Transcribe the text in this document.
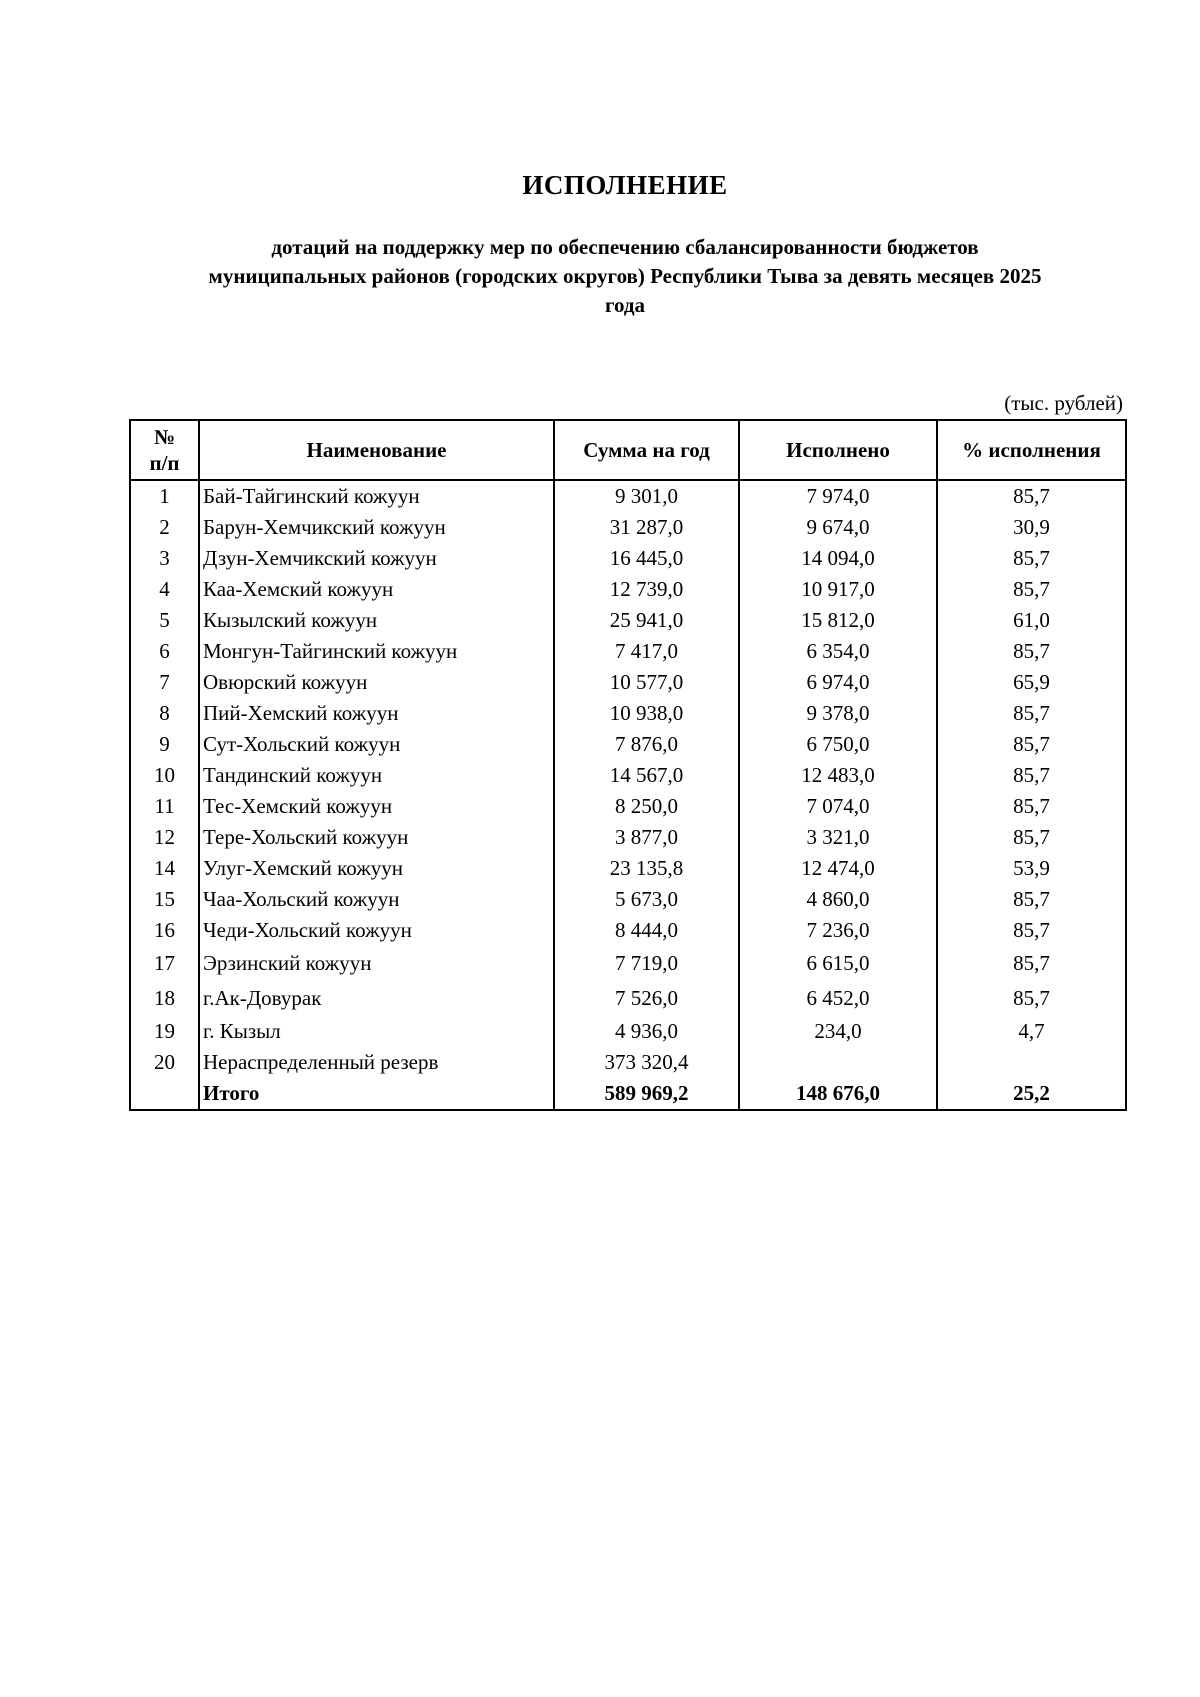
ИСПОЛНЕНИЕ
дотаций на поддержку мер по обеспечению сбалансированности бюджетов
муниципальных районов (городских округов) Республики Тыва за девять месяцев 2025
года
(тыс. рублей)
№
п/п	Наименование	Сумма на год	Исполнено	% исполнения
1	Бай-Тайгинский кожуун	9 301,0	7 974,0	85,7
2	Барун-Хемчикский кожуун	31 287,0	9 674,0	30,9
3	Дзун-Хемчикский кожуун	16 445,0	14 094,0	85,7
4	Каа-Хемский кожуун	12 739,0	10 917,0	85,7
5	Кызылский кожуун	25 941,0	15 812,0	61,0
6	Монгун-Тайгинский кожуун	7 417,0	6 354,0	85,7
7	Овюрский кожуун	10 577,0	6 974,0	65,9
8	Пий-Хемский кожуун	10 938,0	9 378,0	85,7
9	Сут-Хольский кожуун	7 876,0	6 750,0	85,7
10	Тандинский кожуун	14 567,0	12 483,0	85,7
11	Тес-Хемский кожуун	8 250,0	7 074,0	85,7
12	Тере-Хольский кожуун	3 877,0	3 321,0	85,7
14	Улуг-Хемский кожуун	23 135,8	12 474,0	53,9
15	Чаа-Хольский кожуун	5 673,0	4 860,0	85,7
16	Чеди-Хольский кожуун	8 444,0	7 236,0	85,7
17	Эрзинский кожуун	7 719,0	6 615,0	85,7
18	г.Ак-Довурак	7 526,0	6 452,0	85,7
19	г. Кызыл	4 936,0	234,0	4,7
20	Нераспределенный резерв	373 320,4		
	Итого	589 969,2	148 676,0	25,2
